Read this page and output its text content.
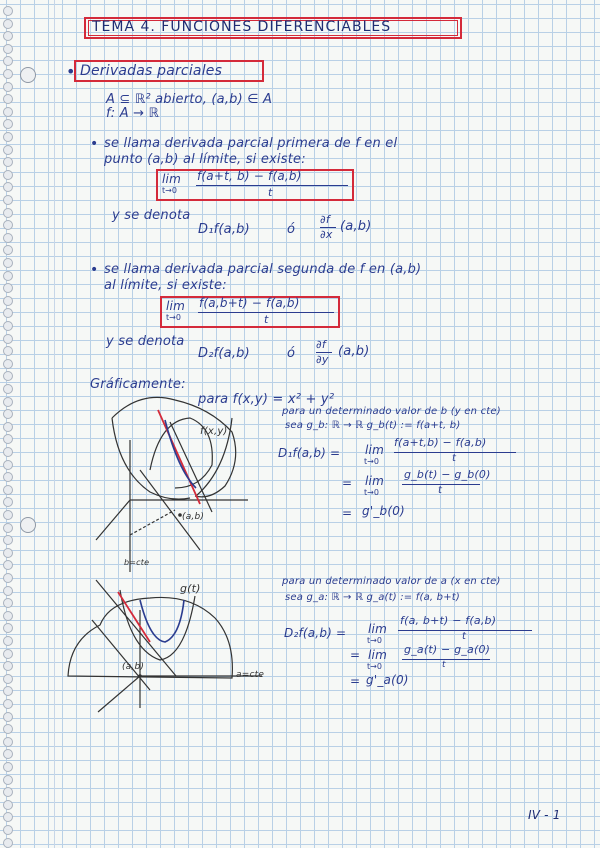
TEMA 4. FUNCIONES DIFERENCIABLES
• Derivadas parciales
A ⊆ ℝ² abierto, (a,b) ∈ A
f: A → ℝ
• se llama derivada parcial primera de f en el
punto (a,b) al límite, si existe:
lim
t→0
f(a+t, b) − f(a,b)
t
y se denota
D₁f(a,b)	ó
∂f
∂x
(a,b)
• se llama derivada parcial segunda de f en (a,b)
al límite, si existe:
lim
t→0
f(a,b+t) − f(a,b)
t
y se denota
D₂f(a,b)	ó
∂f
∂y
(a,b)
Gráficamente:
para f(x,y) = x² + y²
para un determinado valor de b (y en cte)
sea g_b: ℝ → ℝ g_b(t) := f(a+t, b)
D₁f(a,b) = lim
t→0
f(a+t,b) − f(a,b)
t
= lim
t→0
g_b(t) − g_b(0)
t
= g'_b(0)
para un determinado valor de a (x en cte)
sea g_a: ℝ → ℝ g_a(t) := f(a, b+t)
D₂f(a,b) = lim
t→0
f(a, b+t) − f(a,b)
t
= lim
t→0
g_a(t) − g_a(0)
t
= g'_a(0)
f(x,y)
(a,b)
b=cte
g(t)
(a,b)
a=cte
IV - 1
